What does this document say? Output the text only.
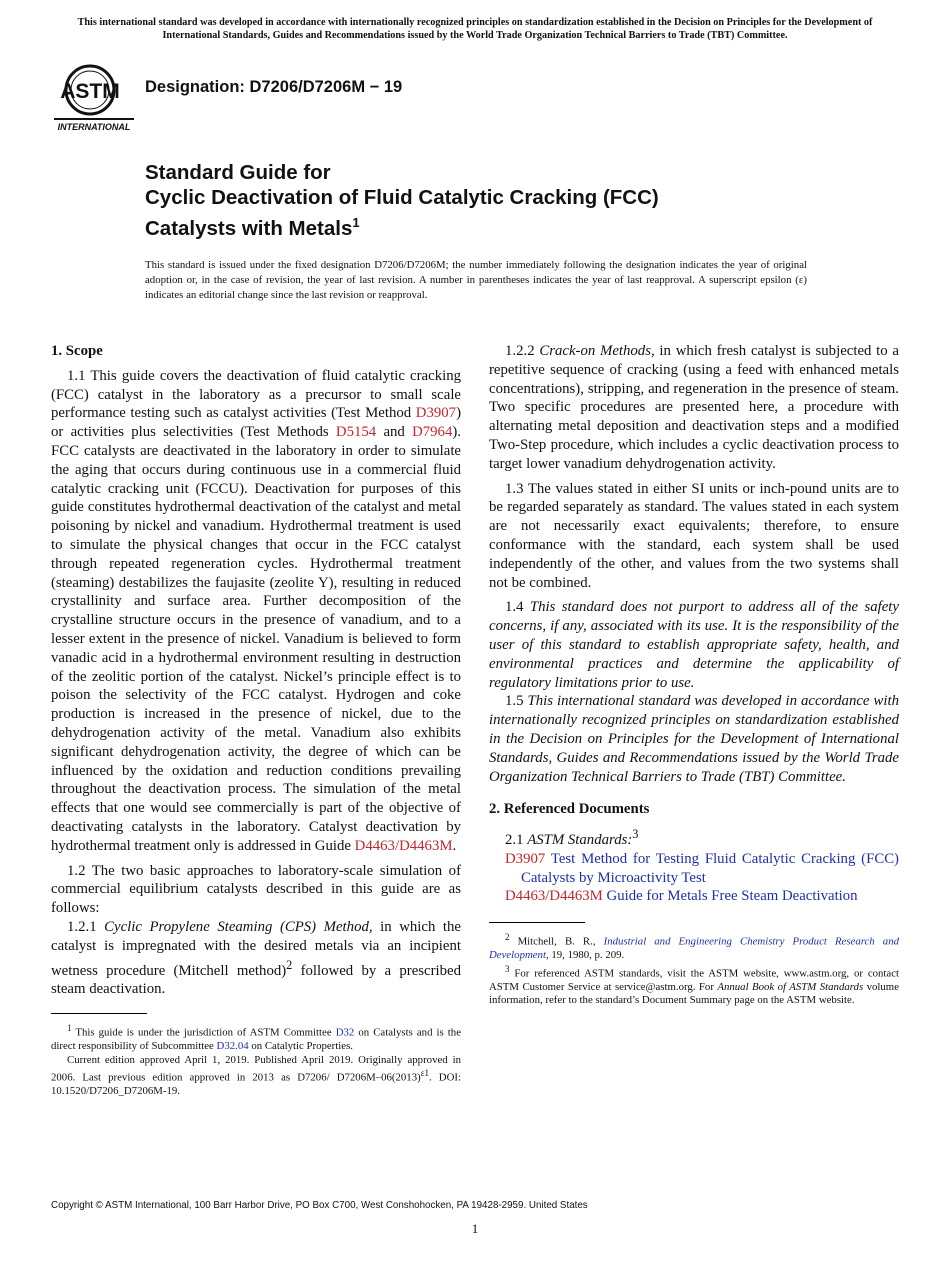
This international standard was developed in accordance with internationally recognized principles on standardization established in the Decision on Principles for the Development of International Standards, Guides and Recommendations issued by the World Trade Organization Technical Barriers to Trade (TBT) Committee.
ASTM
INTERNATIONAL
Designation: D7206/D7206M − 19
Standard Guide for
Cyclic Deactivation of Fluid Catalytic Cracking (FCC)
Catalysts with Metals$^1$

This standard is issued under the fixed designation D7206/D7206M; the number immediately following the designation indicates the year of original adoption or, in the case of revision, the year of last revision. A number in parentheses indicates the year of last reapproval. A superscript epsilon (ε) indicates an editorial change since the last revision or reapproval.

1. Scope

1.1 This guide covers the deactivation of fluid catalytic cracking (FCC) catalyst in the laboratory as a precursor to small scale performance testing such as catalyst activities (Test Method D3907) or activities plus selectivities (Test Methods D5154 and D7964). FCC catalysts are deactivated in the laboratory in order to simulate the aging that occurs during continuous use in a commercial fluid catalytic cracking unit (FCCU). Deactivation for purposes of this guide constitutes hydrothermal deactivation of the catalyst and metal poisoning by nickel and vanadium. Hydrothermal treatment is used to simulate the physical changes that occur in the FCC catalyst through repeated regeneration cycles. Hydrothermal treatment (steaming) destabilizes the faujasite (zeolite Y), resulting in reduced crystallinity and surface area. Further decomposition of the crystalline structure occurs in the presence of vanadium, and to a lesser extent in the presence of nickel. Vanadium is believed to form vanadic acid in a hydrothermal environment resulting in destruction of the zeolitic portion of the catalyst. Nickel’s principle effect is to poison the selectivity of the FCC catalyst. Hydrogen and coke production is increased in the presence of nickel, due to the dehydrogenation activity of the metal. Vanadium also exhibits significant dehydrogenation activity, the degree of which can be influenced by the oxidation and reduction conditions prevailing throughout the deactivation process. The simulation of the metal effects that one would see commercially is part of the objective of deactivating catalysts in the laboratory. Catalyst deactivation by hydrothermal treatment only is addressed in Guide D4463/D4463M.

1.2 The two basic approaches to laboratory-scale simulation of commercial equilibrium catalysts described in this guide are as follows:

1.2.1 Cyclic Propylene Steaming (CPS) Method, in which the catalyst is impregnated with the desired metals via an incipient wetness procedure (Mitchell method)$^2$ followed by a prescribed steam deactivation.

$^1$ This guide is under the jurisdiction of ASTM Committee D32 on Catalysts and is the direct responsibility of Subcommittee D32.04 on Catalytic Properties.

Current edition approved April 1, 2019. Published April 2019. Originally approved in 2006. Last previous edition approved in 2013 as D7206/ $D7206M-06(2013)^{\varepsilon 1}$. DOI: 10.1520/D7206_D7206M-19.

1.2.2 Crack-on Methods, in which fresh catalyst is subjected to a repetitive sequence of cracking (using a feed with enhanced metals concentrations), stripping, and regeneration in the presence of steam. Two specific procedures are presented here, a procedure with alternating metal deposition and deactivation steps and a modified Two-Step procedure, which includes a cyclic deactivation process to target lower vanadium dehydrogenation activity.

1.3 The values stated in either SI units or inch-pound units are to be regarded separately as standard. The values stated in each system are not necessarily exact equivalents; therefore, to ensure conformance with the standard, each system shall be used independently of the other, and values from the two systems shall not be combined.

1.4 This standard does not purport to address all of the safety concerns, if any, associated with its use. It is the responsibility of the user of this standard to establish appropriate safety, health, and environmental practices and determine the applicability of regulatory limitations prior to use.

1.5 This international standard was developed in accordance with internationally recognized principles on standardization established in the Decision on Principles for the Development of International Standards, Guides and Recommendations issued by the World Trade Organization Technical Barriers to Trade (TBT) Committee.

2. Referenced Documents

2.1 ASTM Standards:$^3$

D3907 Test Method for Testing Fluid Catalytic Cracking (FCC) Catalysts by Microactivity Test

D4463/D4463M Guide for Metals Free Steam Deactivation

$^2$ Mitchell, B. R., Industrial and Engineering Chemistry Product Research and Development, 19, 1980, p. 209.

$^3$ For referenced ASTM standards, visit the ASTM website, www.astm.org, or contact ASTM Customer Service at service@astm.org. For Annual Book of ASTM Standards volume information, refer to the standard’s Document Summary page on the ASTM website.

Copyright © ASTM International, 100 Barr Harbor Drive, PO Box C700, West Conshohocken, PA 19428-2959. United States
1
